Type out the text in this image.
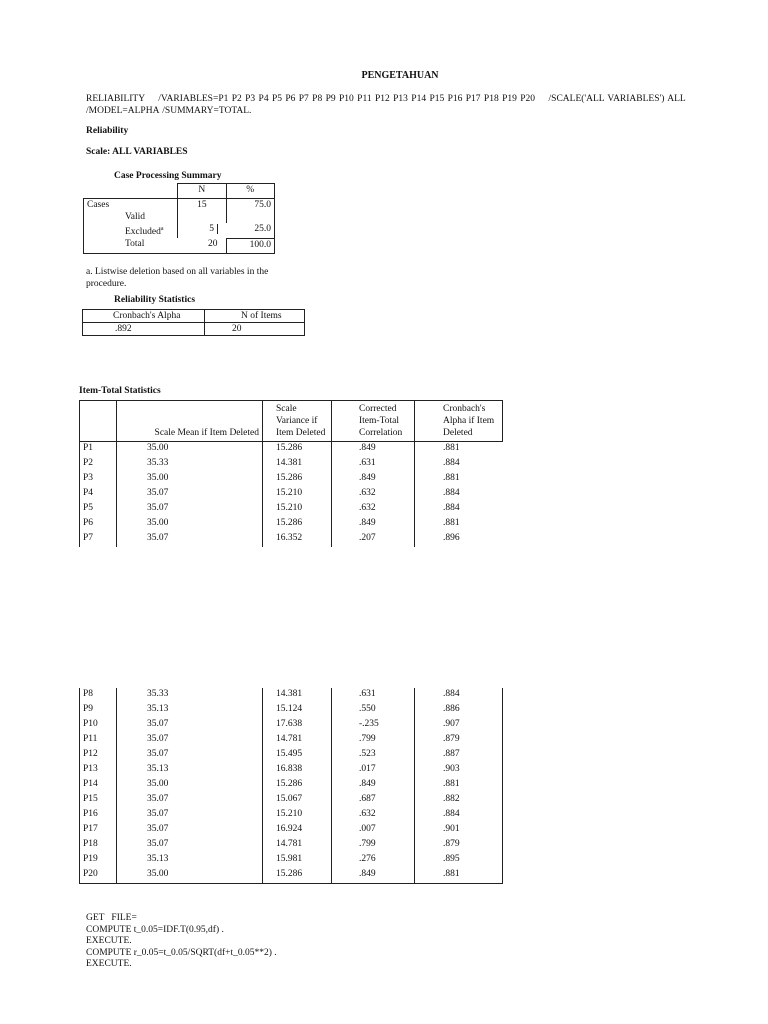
PENGETAHUAN
RELIABILITY    /VARIABLES=P1 P2 P3 P4 P5 P6 P7 P8 P9 P10 P11 P12 P13 P14 P15 P16 P17 P18 P19 P20    /SCALE('ALL VARIABLES') ALL
/MODEL=ALPHA /SUMMARY=TOTAL.
Reliability
Scale: ALL VARIABLES
Case Processing Summary
	N	%

Cases
Valid	15	75.0
Excluded$^a$	5	25.0
Total	20	100.0
a. Listwise deletion based on all variables in the procedure.
Reliability Statistics
Cronbach's Alpha	N of Items
.892	20
Item-Total Statistics
	Scale Mean if Item Deleted	Scale Variance if Item Deleted	Corrected Item-Total Correlation	Cronbach's Alpha if Item Deleted
P1	35.00	15.286	.849	.881
P2	35.33	14.381	.631	.884
P3	35.00	15.286	.849	.881
P4	35.07	15.210	.632	.884
P5	35.07	15.210	.632	.884
P6	35.00	15.286	.849	.881
P7	35.07	16.352	.207	.896
P8	35.33	14.381	.631	.884
P9	35.13	15.124	.550	.886
P10	35.07	17.638	-.235	.907
P11	35.07	14.781	.799	.879
P12	35.07	15.495	.523	.887
P13	35.13	16.838	.017	.903
P14	35.00	15.286	.849	.881
P15	35.07	15.067	.687	.882
P16	35.07	15.210	.632	.884
P17	35.07	16.924	.007	.901
P18	35.07	14.781	.799	.879
P19	35.13	15.981	.276	.895
P20	35.00	15.286	.849	.881
GET   FILE=
COMPUTE t_0.05=IDF.T(0.95,df) .
EXECUTE.
COMPUTE r_0.05=t_0.05/SQRT(df+t_0.05**2) .
EXECUTE.
